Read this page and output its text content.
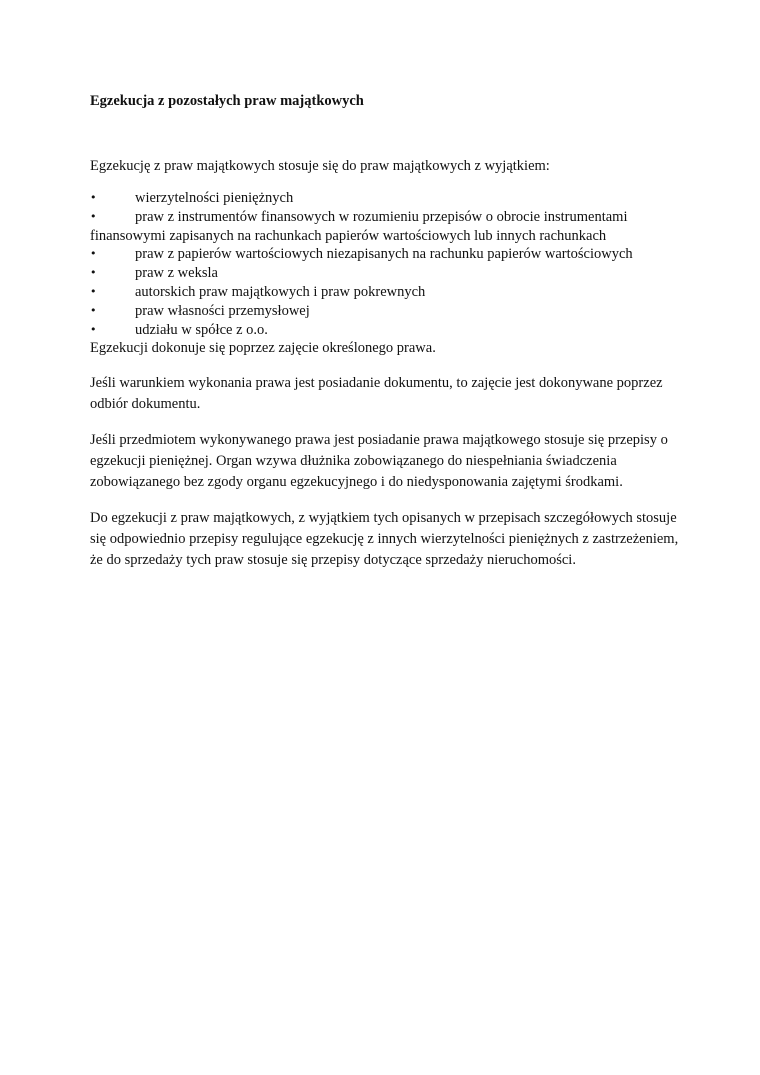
Egzekucja z pozostałych praw majątkowych

Egzekucję z praw majątkowych stosuje się do praw majątkowych z wyjątkiem:

•	wierzytelności pieniężnych
•	praw z instrumentów finansowych w rozumieniu przepisów o obrocie instrumentami finansowymi zapisanych na rachunkach papierów wartościowych lub innych rachunkach
•	praw z papierów wartościowych niezapisanych na rachunku papierów wartościowych
•	praw z weksla
•	autorskich praw majątkowych i praw pokrewnych
•	praw własności przemysłowej
•	udziału w spółce z o.o.

Egzekucji dokonuje się poprzez zajęcie określonego prawa.

Jeśli warunkiem wykonania prawa jest posiadanie dokumentu, to zajęcie jest dokonywane poprzez odbiór dokumentu.

Jeśli przedmiotem wykonywanego prawa jest posiadanie prawa majątkowego stosuje się przepisy o egzekucji pieniężnej. Organ wzywa dłużnika zobowiązanego do niespełniania świadczenia zobowiązanego bez zgody organu egzekucyjnego i do niedysponowania zajętymi środkami.

Do egzekucji z praw majątkowych, z wyjątkiem tych opisanych w przepisach szczegółowych stosuje się odpowiednio przepisy regulujące egzekucję z innych wierzytelności pieniężnych z zastrzeżeniem, że do sprzedaży tych praw stosuje się przepisy dotyczące sprzedaży nieruchomości.
